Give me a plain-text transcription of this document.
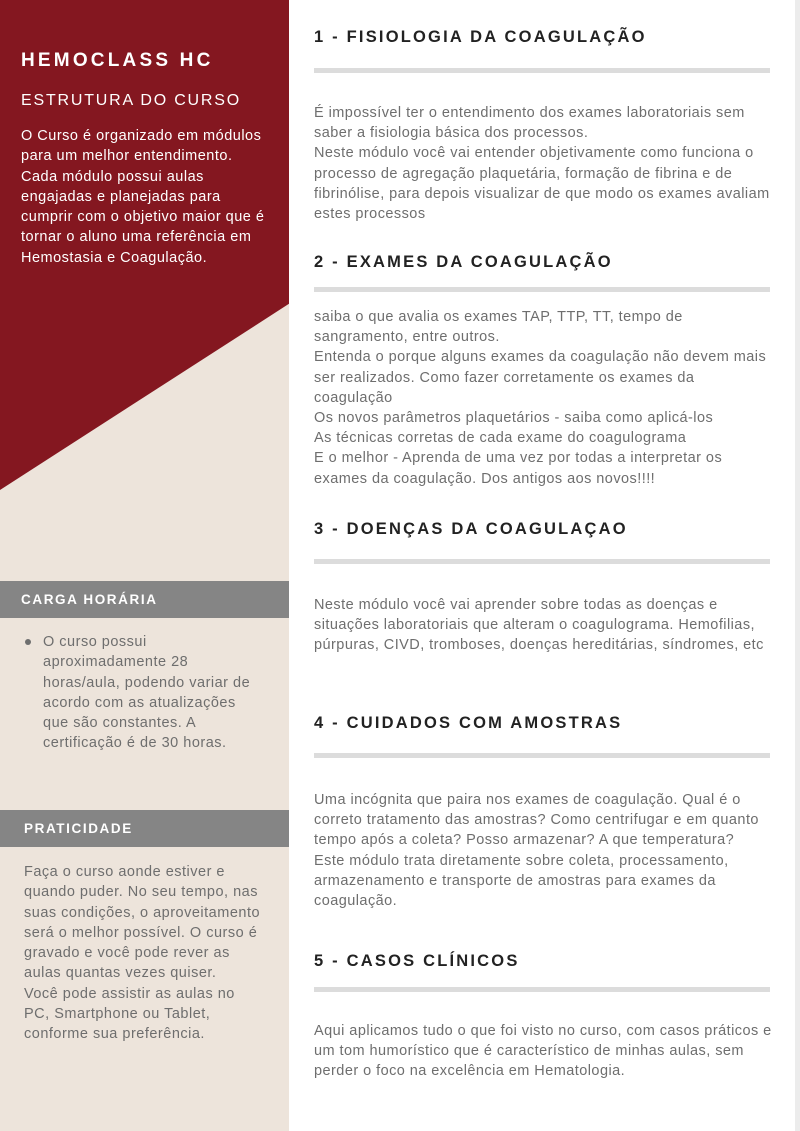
HEMOCLASS HC
ESTRUTURA DO CURSO

O Curso é organizado em módulos para um melhor entendimento. Cada módulo possui aulas engajadas e planejadas para cumprir com o objetivo maior que é tornar o aluno uma referência em Hemostasia e Coagulação.

CARGA HORÁRIA
O curso possui aproximadamente 28 horas/aula, podendo variar de acordo com as atualizações que são constantes. A certificação é de 30 horas.
PRATICIDADE

Faça o curso aonde estiver e quando puder. No seu tempo, nas suas condições, o aproveitamento será o melhor possível. O curso é gravado e você pode rever as aulas quantas vezes quiser.
Você pode assistir as aulas no PC, Smartphone ou Tablet, conforme sua preferência.

1 - FISIOLOGIA DA COAGULAÇÃO

É impossível ter o entendimento dos exames laboratoriais sem saber a fisiologia básica dos processos.
Neste módulo você vai entender objetivamente como funciona o processo de agregação plaquetária, formação de fibrina e de fibrinólise, para depois visualizar de que modo os exames avaliam estes processos

2 - EXAMES DA COAGULAÇÃO

saiba o que avalia os exames TAP, TTP, TT, tempo de sangramento, entre outros.
Entenda o porque alguns exames da coagulação não devem mais ser realizados. Como fazer corretamente os exames da coagulação
Os novos parâmetros plaquetários - saiba como aplicá-los
As técnicas corretas de cada exame do coagulograma
E o melhor - Aprenda de uma vez por todas a interpretar os exames da coagulação. Dos antigos aos novos!!!!

3 - DOENÇAS DA COAGULAÇAO

Neste módulo você vai aprender sobre todas as doenças e situações laboratoriais que alteram o coagulograma. Hemofilias, púrpuras, CIVD, tromboses, doenças hereditárias, síndromes, etc

4 - CUIDADOS COM AMOSTRAS

Uma incógnita que paira nos exames de coagulação. Qual é o correto tratamento das amostras? Como centrifugar e em quanto tempo após a coleta? Posso armazenar? A que temperatura?
Este módulo trata diretamente sobre coleta, processamento, armazenamento e transporte de amostras para exames da coagulação.

5 - CASOS CLÍNICOS

Aqui aplicamos tudo o que foi visto no curso, com casos práticos e um tom humorístico que é característico de minhas aulas, sem perder o foco na excelência em Hematologia.
